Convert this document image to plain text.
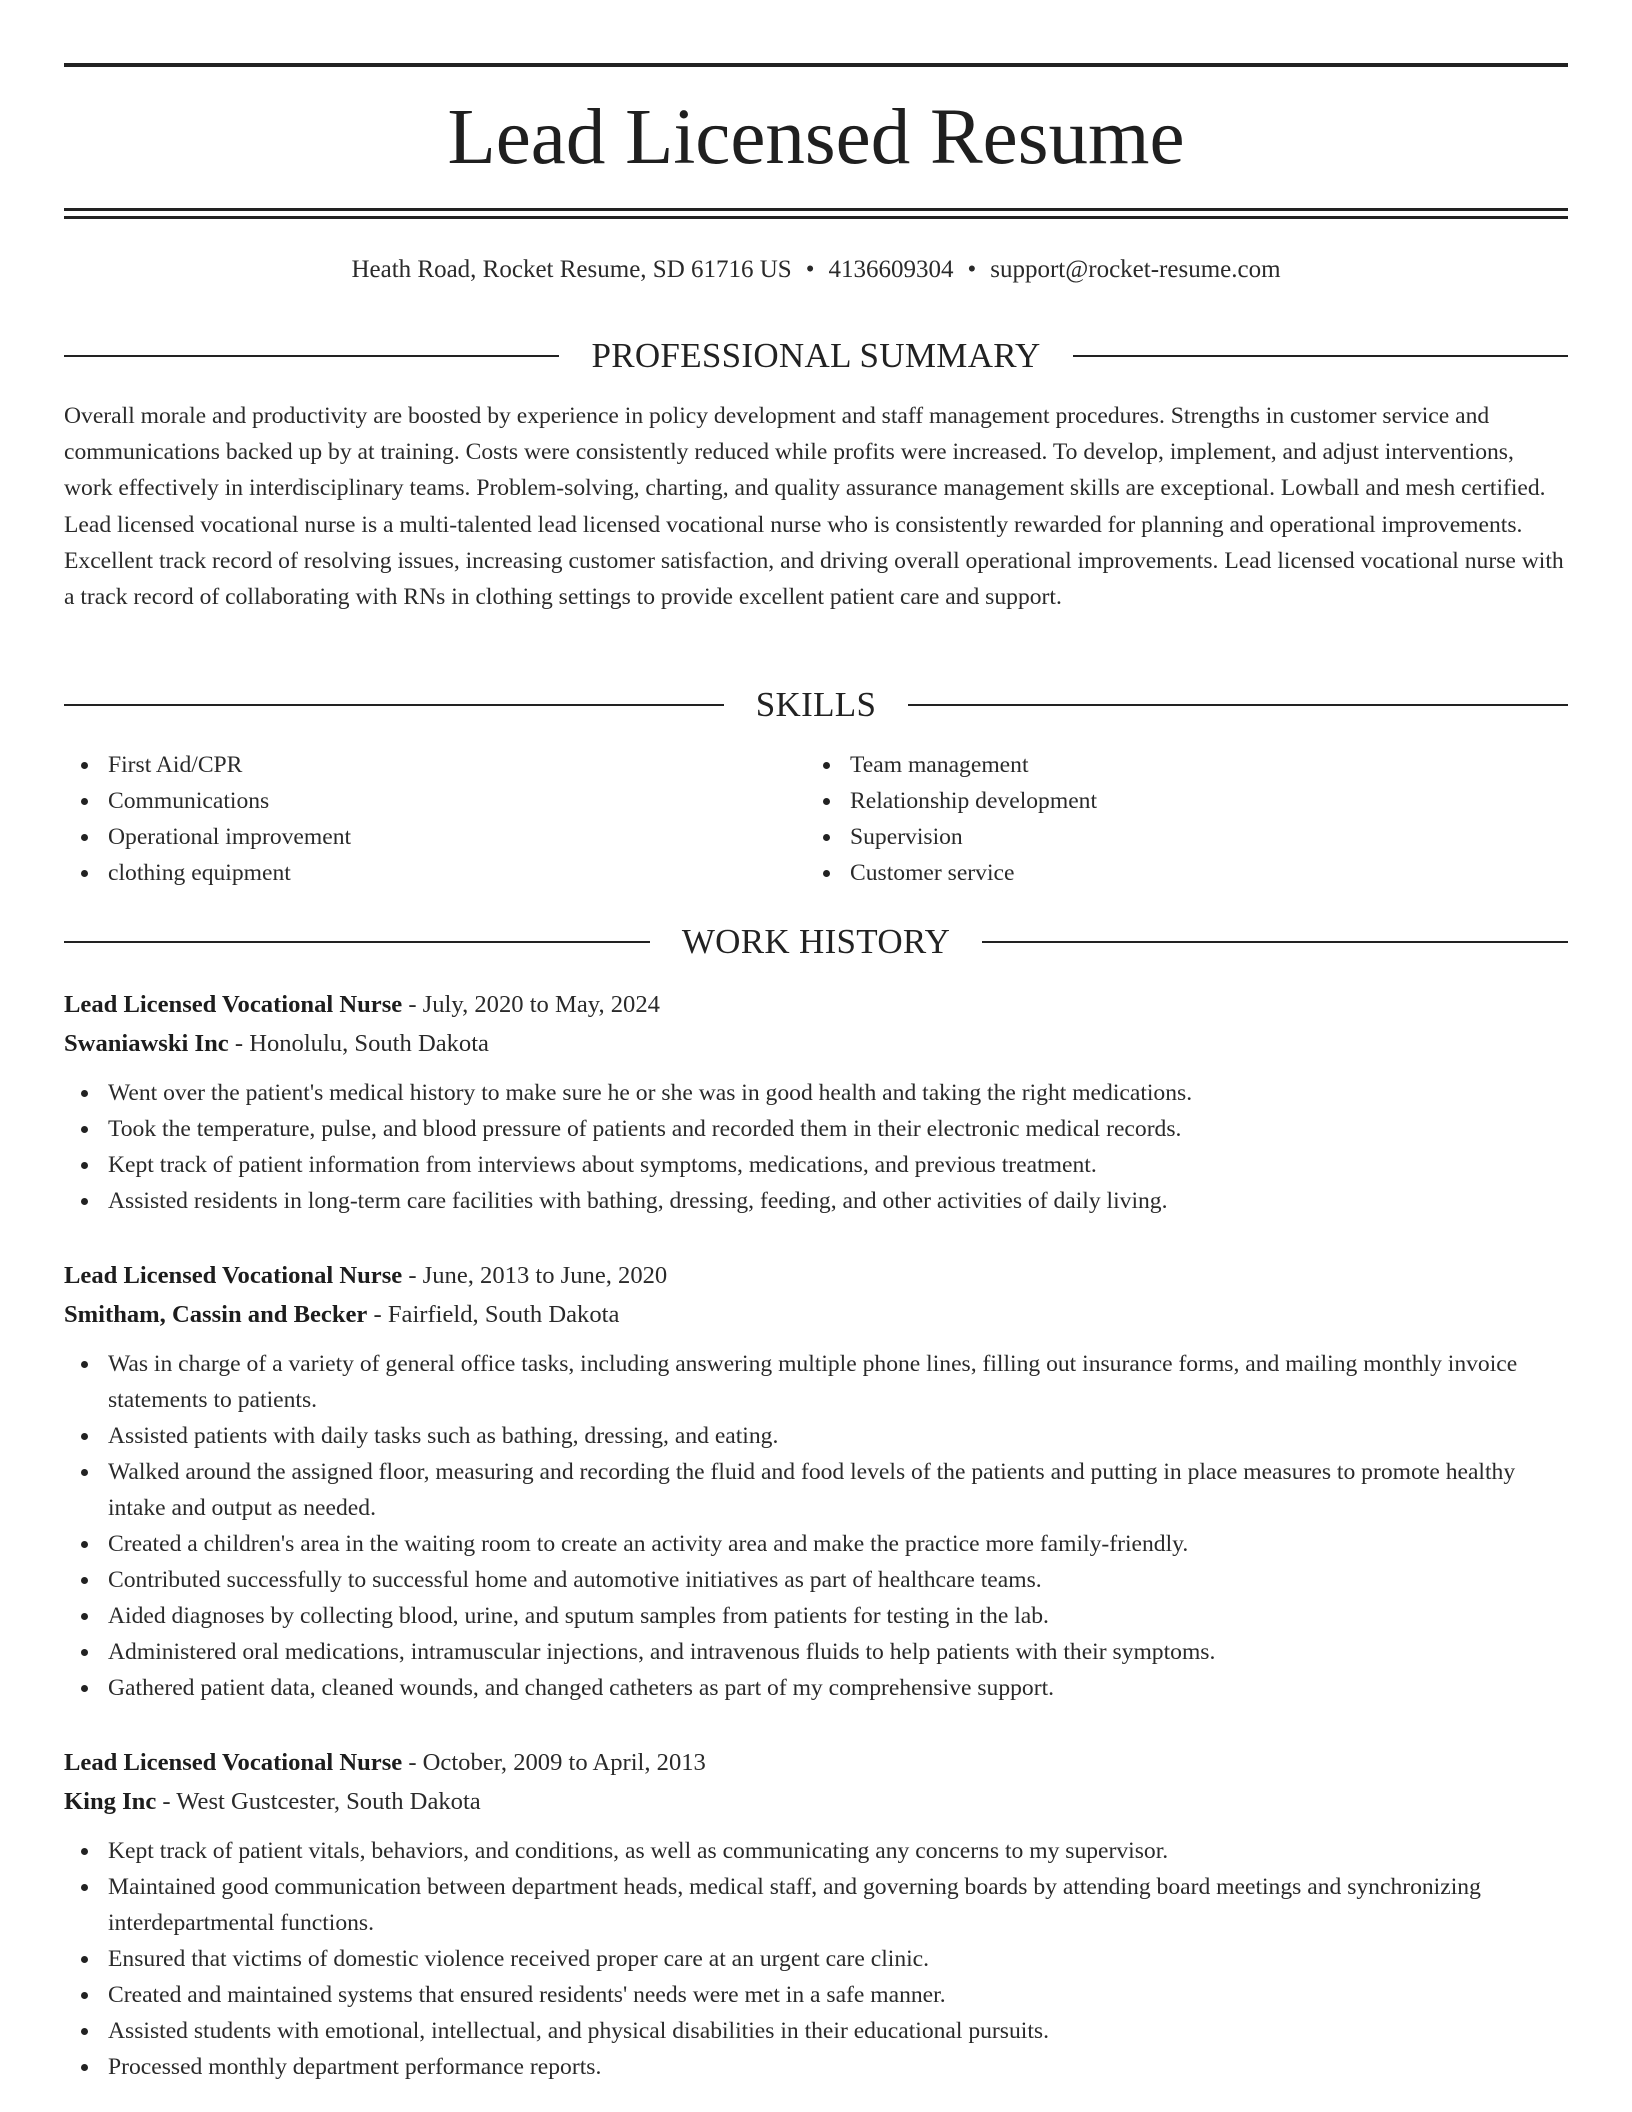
Lead Licensed Resume
Heath Road, Rocket Resume, SD 61716 US • 4136609304 • support@rocket-resume.com
PROFESSIONAL SUMMARY

Overall morale and productivity are boosted by experience in policy development and staff management procedures. Strengths in customer service and communications backed up by at training. Costs were consistently reduced while profits were increased. To develop, implement, and adjust interventions, work effectively in interdisciplinary teams. Problem-solving, charting, and quality assurance management skills are exceptional. Lowball and mesh certified. Lead licensed vocational nurse is a multi-talented lead licensed vocational nurse who is consistently rewarded for planning and operational improvements. Excellent track record of resolving issues, increasing customer satisfaction, and driving overall operational improvements. Lead licensed vocational nurse with a track record of collaborating with RNs in clothing settings to provide excellent patient care and support.

SKILLS
First Aid/CPR
Communications
Operational improvement
clothing equipment
Team management
Relationship development
Supervision
Customer service
WORK HISTORY
Lead Licensed Vocational Nurse - July, 2020 to May, 2024
Swaniawski Inc - Honolulu, South Dakota
Went over the patient's medical history to make sure he or she was in good health and taking the right medications.
Took the temperature, pulse, and blood pressure of patients and recorded them in their electronic medical records.
Kept track of patient information from interviews about symptoms, medications, and previous treatment.
Assisted residents in long-term care facilities with bathing, dressing, feeding, and other activities of daily living.
Lead Licensed Vocational Nurse - June, 2013 to June, 2020
Smitham, Cassin and Becker - Fairfield, South Dakota
Was in charge of a variety of general office tasks, including answering multiple phone lines, filling out insurance forms, and mailing monthly invoice statements to patients.
Assisted patients with daily tasks such as bathing, dressing, and eating.
Walked around the assigned floor, measuring and recording the fluid and food levels of the patients and putting in place measures to promote healthy intake and output as needed.
Created a children's area in the waiting room to create an activity area and make the practice more family-friendly.
Contributed successfully to successful home and automotive initiatives as part of healthcare teams.
Aided diagnoses by collecting blood, urine, and sputum samples from patients for testing in the lab.
Administered oral medications, intramuscular injections, and intravenous fluids to help patients with their symptoms.
Gathered patient data, cleaned wounds, and changed catheters as part of my comprehensive support.
Lead Licensed Vocational Nurse - October, 2009 to April, 2013
King Inc - West Gustcester, South Dakota
Kept track of patient vitals, behaviors, and conditions, as well as communicating any concerns to my supervisor.
Maintained good communication between department heads, medical staff, and governing boards by attending board meetings and synchronizing interdepartmental functions.
Ensured that victims of domestic violence received proper care at an urgent care clinic.
Created and maintained systems that ensured residents' needs were met in a safe manner.
Assisted students with emotional, intellectual, and physical disabilities in their educational pursuits.
Processed monthly department performance reports.
